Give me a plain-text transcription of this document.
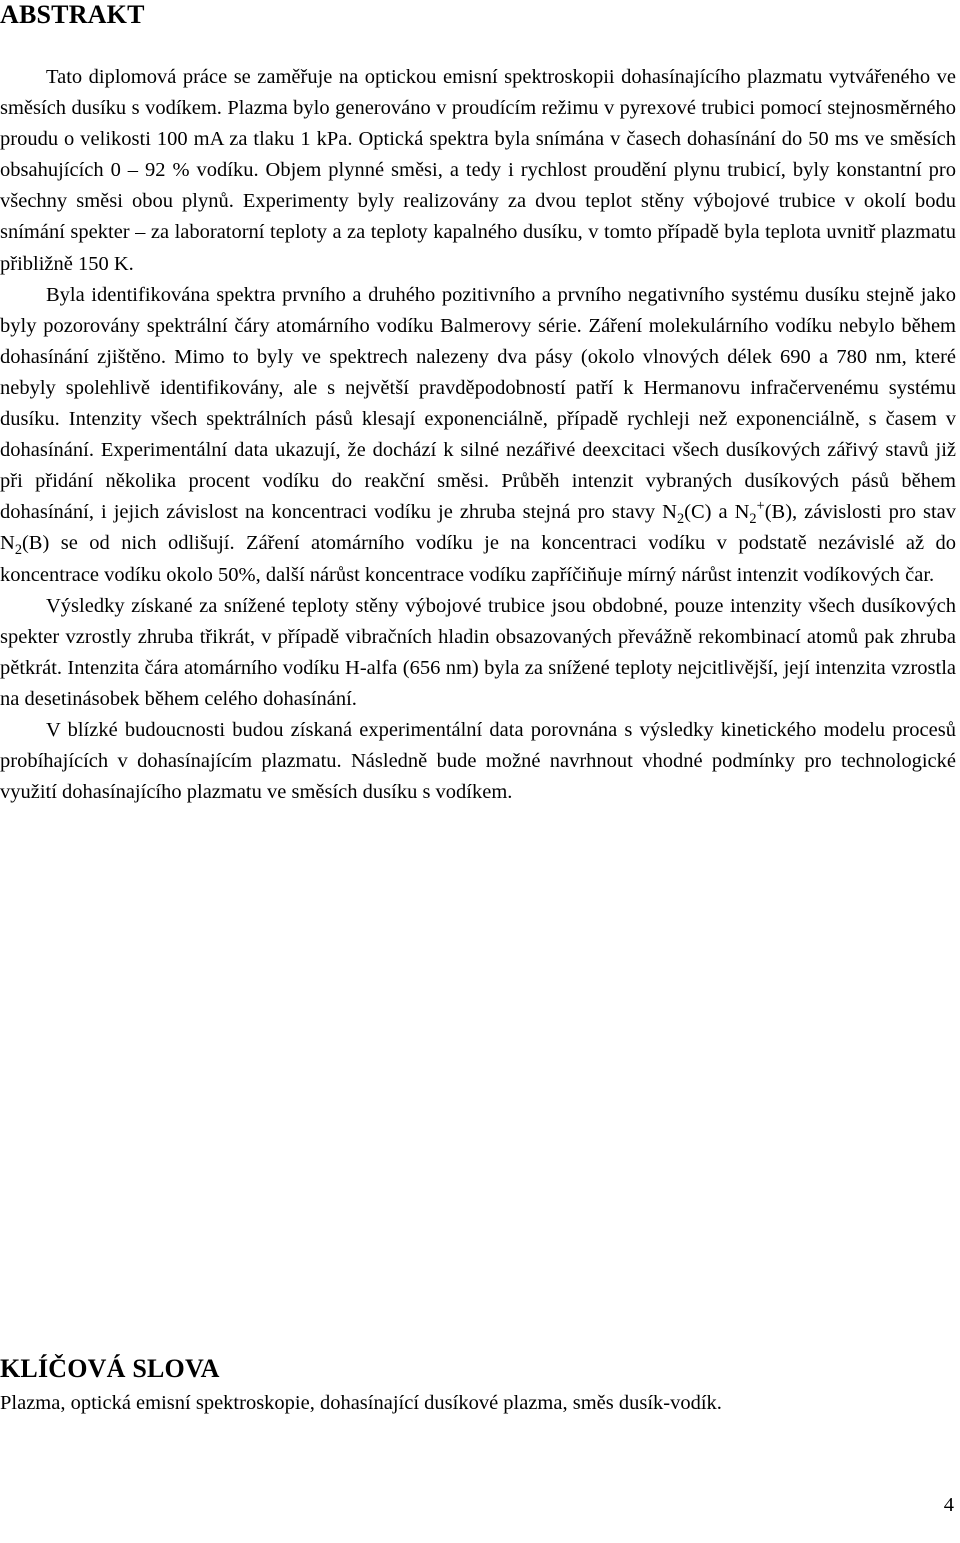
ABSTRAKT

Tato diplomová práce se zaměřuje na optickou emisní spektroskopii dohasínajícího plazmatu vytvářeného ve směsích dusíku s vodíkem. Plazma bylo generováno v proudícím režimu v pyrexové trubici pomocí stejnosměrného proudu o velikosti 100 mA za tlaku 1 kPa. Optická spektra byla snímána v časech dohasínání do 50 ms ve směsích obsahujících 0 – 92 % vodíku. Objem plynné směsi, a tedy i rychlost proudění plynu trubicí, byly konstantní pro všechny směsi obou plynů. Experimenty byly realizovány za dvou teplot stěny výbojové trubice v okolí bodu snímání spekter – za laboratorní teploty a za teploty kapalného dusíku, v tomto případě byla teplota uvnitř plazmatu přibližně 150 K.

Byla identifikována spektra prvního a druhého pozitivního a prvního negativního systému dusíku stejně jako byly pozorovány spektrální čáry atomárního vodíku Balmerovy série. Záření molekulárního vodíku nebylo během dohasínání zjištěno. Mimo to byly ve spektrech nalezeny dva pásy (okolo vlnových délek 690 a 780 nm, které nebyly spolehlivě identifikovány, ale s největší pravděpodobností patří k Hermanovu infračervenému systému dusíku. Intenzity všech spektrálních pásů klesají exponenciálně, případě rychleji než exponenciálně, s časem v dohasínání. Experimentální data ukazují, že dochází k silné nezářivé deexcitaci všech dusíkových zářivý stavů již při přidání několika procent vodíku do reakční směsi. Průběh intenzit vybraných dusíkových pásů během dohasínání, i jejich závislost na koncentraci vodíku je zhruba stejná pro stavy $N_2(C)$ a $N_2^+(B)$, závislosti pro stav $N_2(B)$ se od nich odlišují. Záření atomárního vodíku je na koncentraci vodíku v podstatě nezávislé až do koncentrace vodíku okolo 50%, další nárůst koncentrace vodíku zapříčiňuje mírný nárůst intenzit vodíkových čar.

Výsledky získané za snížené teploty stěny výbojové trubice jsou obdobné, pouze intenzity všech dusíkových spekter vzrostly zhruba třikrát, v případě vibračních hladin obsazovaných převážně rekombinací atomů pak zhruba pětkrát. Intenzita čára atomárního vodíku H-alfa (656 nm) byla za snížené teploty nejcitlivější, její intenzita vzrostla na desetinásobek během celého dohasínání.

V blízké budoucnosti budou získaná experimentální data porovnána s výsledky kinetického modelu procesů probíhajících v dohasínajícím plazmatu. Následně bude možné navrhnout vhodné podmínky pro technologické využití dohasínajícího plazmatu ve směsích dusíku s vodíkem.

KLÍČOVÁ SLOVA

Plazma, optická emisní spektroskopie, dohasínající dusíkové plazma, směs dusík-vodík.

4
